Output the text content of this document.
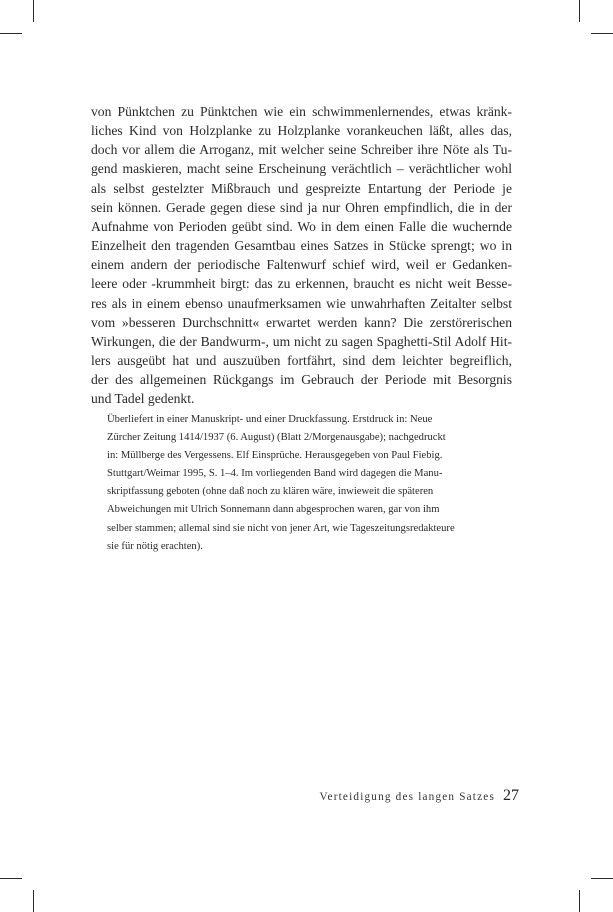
von Pünktchen zu Pünktchen wie ein schwimmenlernendes, etwas kränk-

liches Kind von Holzplanke zu Holzplanke vorankeuchen läßt, alles das,

doch vor allem die Arroganz, mit welcher seine Schreiber ihre Nöte als Tu-

gend maskieren, macht seine Erscheinung verächtlich – verächtlicher wohl

als selbst gestelzter Mißbrauch und gespreizte Entartung der Periode je

sein können. Gerade gegen diese sind ja nur Ohren empfindlich, die in der

Aufnahme von Perioden geübt sind. Wo in dem einen Falle die wuchernde

Einzelheit den tragenden Gesamtbau eines Satzes in Stücke sprengt; wo in

einem andern der periodische Faltenwurf schief wird, weil er Gedanken-

leere oder -krummheit birgt: das zu erkennen, braucht es nicht weit Besse-

res als in einem ebenso unaufmerksamen wie unwahrhaften Zeitalter selbst

vom »besseren Durchschnitt« erwartet werden kann? Die zerstörerischen

Wirkungen, die der Bandwurm-, um nicht zu sagen Spaghetti-Stil Adolf Hit-

lers ausgeübt hat und auszuüben fortfährt, sind dem leichter begreiflich,

der des allgemeinen Rückgangs im Gebrauch der Periode mit Besorgnis

und Tadel gedenkt.

Überliefert in einer Manuskript- und einer Druckfassung. Erstdruck in: Neue

Zürcher Zeitung 1414/1937 (6. August) (Blatt 2/Morgenausgabe); nachgedruckt

in: Müllberge des Vergessens. Elf Einsprüche. Herausgegeben von Paul Fiebig.

Stuttgart/Weimar 1995, S. 1–4. Im vorliegenden Band wird dagegen die Manu-

skriptfassung geboten (ohne daß noch zu klären wäre, inwieweit die späteren

Abweichungen mit Ulrich Sonnemann dann abgesprochen waren, gar von ihm

selber stammen; allemal sind sie nicht von jener Art, wie Tageszeitungsredakteure

sie für nötig erachten).

Verteidigung des langen Satzes 27
